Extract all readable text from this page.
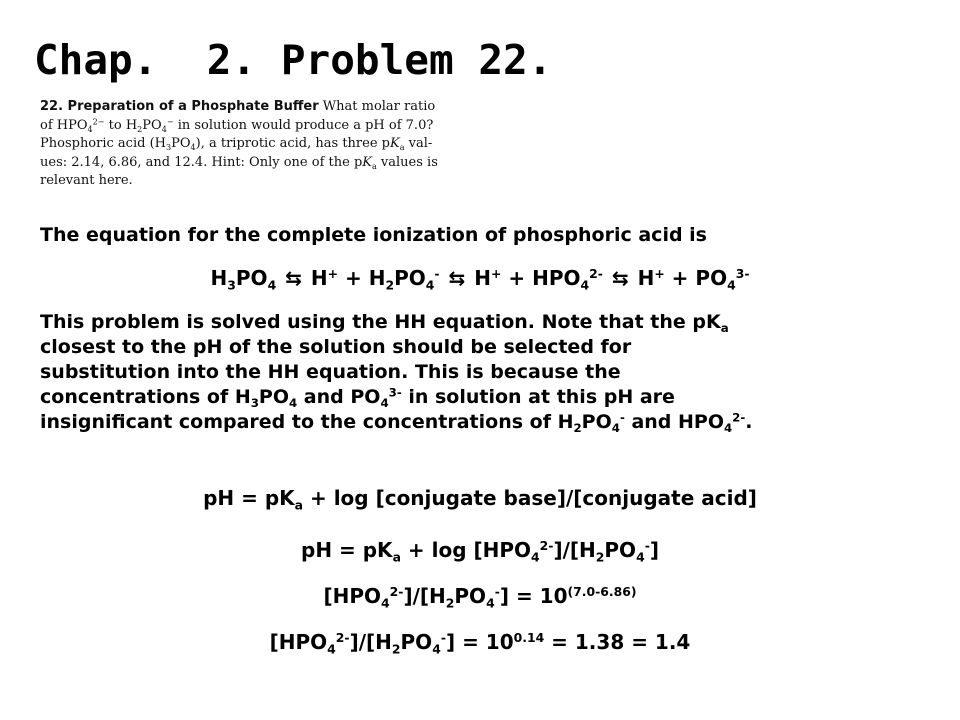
Chap.  2. Problem 22.
22. Preparation of a Phosphate Buffer What molar ratio
of $HPO_4^{2-}$ to $H_2PO_4^-$ in solution would produce a pH of 7.0?
Phosphoric acid $(H_3PO_4)$, a triprotic acid, has three $pK_a$ val-
ues: 2.14, 6.86, and 12.4. Hint: Only one of the $pK_a$ values is
relevant here.
The equation for the complete ionization of phosphoric acid is
$H_3PO_4$ ⇆ $H^+ + H_2PO_4^-$ ⇆ $H^+ + HPO_4^{2-}$ ⇆ $H^+ + PO_4^{3-}$
This problem is solved using the HH equation. Note that the $pK_a$
closest to the pH of the solution should be selected for
substitution into the HH equation. This is because the
concentrations of $H_3PO_4$ and $PO_4^{3-}$ in solution at this pH are
insignificant compared to the concentrations of $H_2PO_4^-$ and $HPO_4^{2-}$.
pH = $pK_a + \log$ [conjugate base]/[conjugate acid]
pH = $pK_a + \log [HPO_4^{2-}]/[H_2PO_4^-]$
$[HPO_4^{2-}]/[H_2PO_4^-] = 10^{(7.0-6.86)}$
$[HPO_4^{2-}]/[H_2PO_4^-] = 10^{0.14} = 1.38 = 1.4$
